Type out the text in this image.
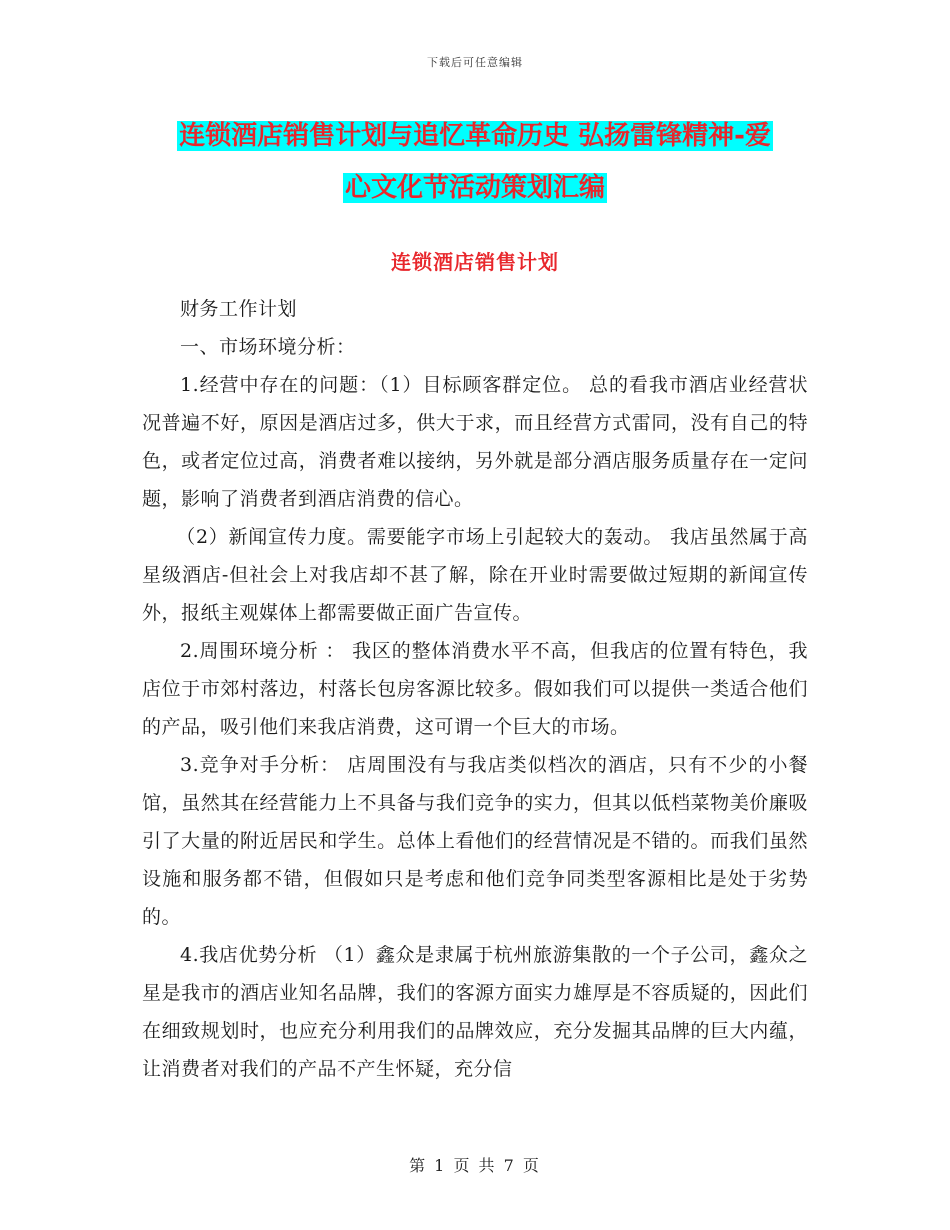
下载后可任意编辑
连锁酒店销售计划与追忆革命历史 弘扬雷锋精神-爱
心文化节活动策划汇编
连锁酒店销售计划

财务工作计划

一、市场环境分析：

1.经营中存在的问题：（1）目标顾客群定位。 总的看我市酒店业经营状况普遍不好，原因是酒店过多，供大于求，而且经营方式雷同，没有自己的特色，或者定位过高，消费者难以接纳，另外就是部分酒店服务质量存在一定问题，影响了消费者到酒店消费的信心。

（2）新闻宣传力度。需要能字市场上引起较大的轰动。 我店虽然属于高星级酒店-但社会上对我店却不甚了解，除在开业时需要做过短期的新闻宣传外，报纸主观媒体上都需要做正面广告宣传。

2.周围环境分析 ： 我区的整体消费水平不高，但我店的位置有特色，我店位于市郊村落边，村落长包房客源比较多。假如我们可以提供一类适合他们的产品，吸引他们来我店消费，这可谓一个巨大的市场。

3.竞争对手分析： 店周围没有与我店类似档次的酒店，只有不少的小餐馆，虽然其在经营能力上不具备与我们竞争的实力，但其以低档菜物美价廉吸引了大量的附近居民和学生。总体上看他们的经营情况是不错的。而我们虽然设施和服务都不错，但假如只是考虑和他们竞争同类型客源相比是处于劣势的。

4.我店优势分析 （1）鑫众是隶属于杭州旅游集散的一个子公司，鑫众之星是我市的酒店业知名品牌，我们的客源方面实力雄厚是不容质疑的，因此们在细致规划时，也应充分利用我们的品牌效应，充分发掘其品牌的巨大内蕴，让消费者对我们的产品不产生怀疑，充分信

第 1 页 共 7 页
